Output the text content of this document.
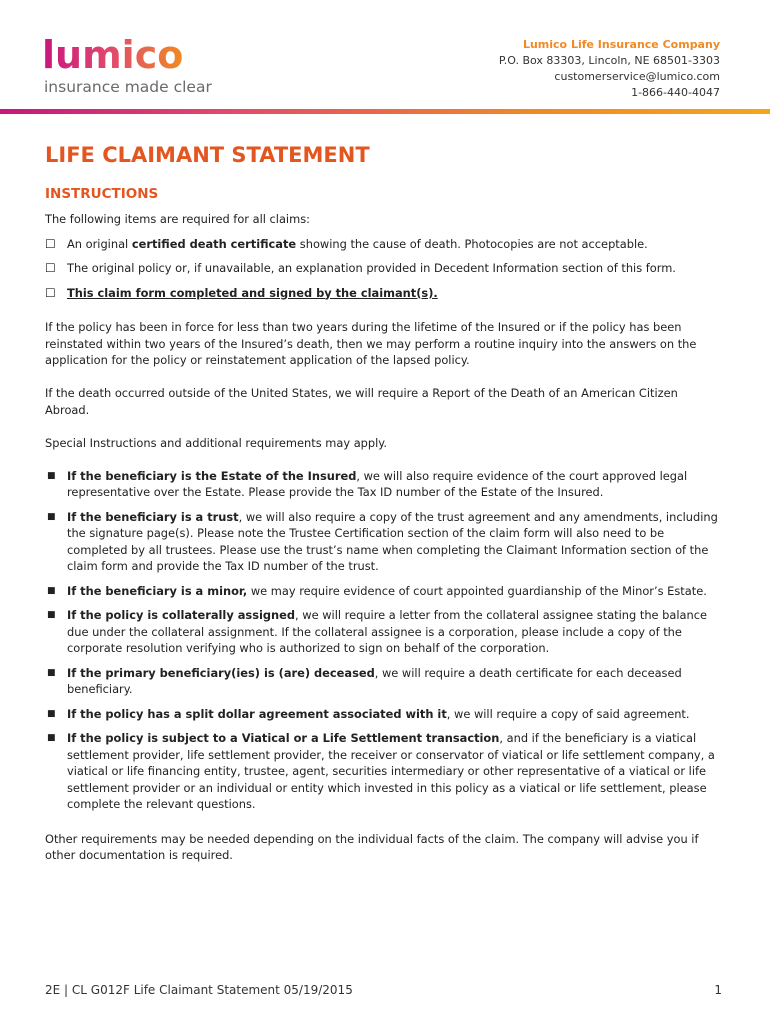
lumico
insurance made clear
Lumico Life Insurance Company
P.O. Box 83303, Lincoln, NE 68501-3303
customerservice@lumico.com
1-866-440-4047
LIFE CLAIMANT STATEMENT
INSTRUCTIONS

The following items are required for all claims:

☐ An original certified death certificate showing the cause of death. Photocopies are not acceptable.
☐ The original policy or, if unavailable, an explanation provided in Decedent Information section of this form.
☐ This claim form completed and signed by the claimant(s).

If the policy has been in force for less than two years during the lifetime of the Insured or if the policy has been reinstated within two years of the Insured’s death, then we may perform a routine inquiry into the answers on the application for the policy or reinstatement application of the lapsed policy.

If the death occurred outside of the United States, we will require a Report of the Death of an American Citizen Abroad.

Special Instructions and additional requirements may apply.

■	If the beneficiary is the Estate of the Insured, we will also require evidence of the court approved legal representative over the Estate. Please provide the Tax ID number of the Estate of the Insured.
■	If the beneficiary is a trust, we will also require a copy of the trust agreement and any amendments, including the signature page(s). Please note the Trustee Certification section of the claim form will also need to be completed by all trustees. Please use the trust’s name when completing the Claimant Information section of the claim form and provide the Tax ID number of the trust.
■	If the beneficiary is a minor, we may require evidence of court appointed guardianship of the Minor’s Estate.
■	If the policy is collaterally assigned, we will require a letter from the collateral assignee stating the balance due under the collateral assignment. If the collateral assignee is a corporation, please include a copy of the corporate resolution verifying who is authorized to sign on behalf of the corporation.
■	If the primary beneficiary(ies) is (are) deceased, we will require a death certificate for each deceased beneficiary.
■	If the policy has a split dollar agreement associated with it, we will require a copy of said agreement.
■	If the policy is subject to a Viatical or a Life Settlement transaction, and if the beneficiary is a viatical settlement provider, life settlement provider, the receiver or conservator of viatical or life settlement company, a viatical or life financing entity, trustee, agent, securities intermediary or other representative of a viatical or life settlement provider or an individual or entity which invested in this policy as a viatical or life settlement, please complete the relevant questions.

Other requirements may be needed depending on the individual facts of the claim. The company will advise you if other documentation is required.

2E | CL G012F Life Claimant Statement 05/19/2015	1
